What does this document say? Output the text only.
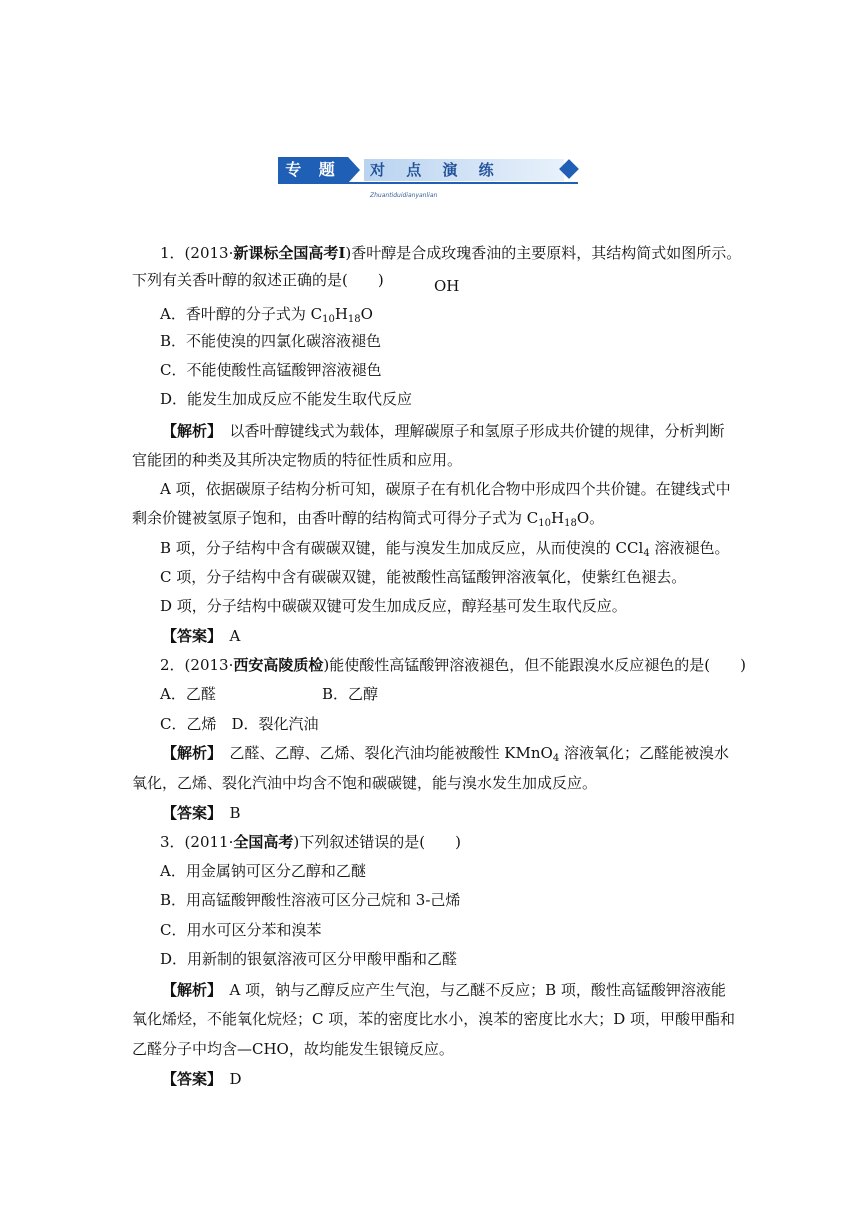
专 题	对 点 演 练Zhuantiduidianyanlian
1．(2013·新课标全国高考Ⅰ)香叶醇是合成玫瑰香油的主要原料，其结构简式如图所示。
下列有关香叶醇的叙述正确的是(　　)	OH
A．香叶醇的分子式为 $C_{10}H_{18}O$
B．不能使溴的四氯化碳溶液褪色
C．不能使酸性高锰酸钾溶液褪色
D．能发生加成反应不能发生取代反应
【解析】　以香叶醇键线式为载体，理解碳原子和氢原子形成共价键的规律，分析判断
官能团的种类及其所决定物质的特征性质和应用。
A 项，依据碳原子结构分析可知，碳原子在有机化合物中形成四个共价键。在键线式中
剩余价键被氢原子饱和，由香叶醇的结构简式可得分子式为 $C_{10}H_{18}O$。
B 项，分子结构中含有碳碳双键，能与溴发生加成反应，从而使溴的 CCl$_4$ 溶液褪色。
C 项，分子结构中含有碳碳双键，能被酸性高锰酸钾溶液氧化，使紫红色褪去。
D 项，分子结构中碳碳双键可发生加成反应，醇羟基可发生取代反应。
【答案】　A
2．(2013·西安高陵质检)能使酸性高锰酸钾溶液褪色，但不能跟溴水反应褪色的是(　　)
A．乙醛	B．乙醇
C．乙烯　D．裂化汽油
【解析】　乙醛、乙醇、乙烯、裂化汽油均能被酸性 KMnO$_4$ 溶液氧化；乙醛能被溴水
氧化，乙烯、裂化汽油中均含不饱和碳碳键，能与溴水发生加成反应。
【答案】　B
3．(2011·全国高考)下列叙述错误的是(　　)
A．用金属钠可区分乙醇和乙醚
B．用高锰酸钾酸性溶液可区分己烷和 3-己烯
C．用水可区分苯和溴苯
D．用新制的银氨溶液可区分甲酸甲酯和乙醛
【解析】　A 项，钠与乙醇反应产生气泡，与乙醚不反应；B 项，酸性高锰酸钾溶液能
氧化烯烃，不能氧化烷烃；C 项，苯的密度比水小，溴苯的密度比水大；D 项，甲酸甲酯和
乙醛分子中均含—CHO，故均能发生银镜反应。
【答案】　D
